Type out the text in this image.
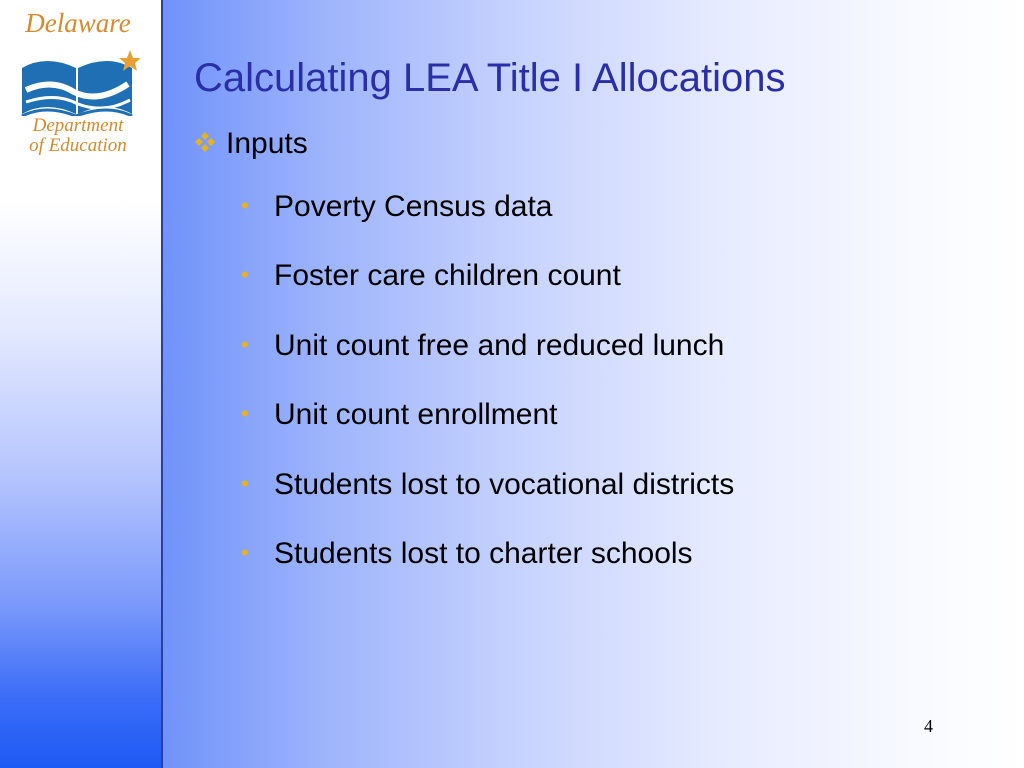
Delaware
Department
of Education
Calculating LEA Title I Allocations
Inputs
• Poverty Census data
• Foster care children count
• Unit count free and reduced lunch
• Unit count enrollment
• Students lost to vocational districts
• Students lost to charter schools
4
